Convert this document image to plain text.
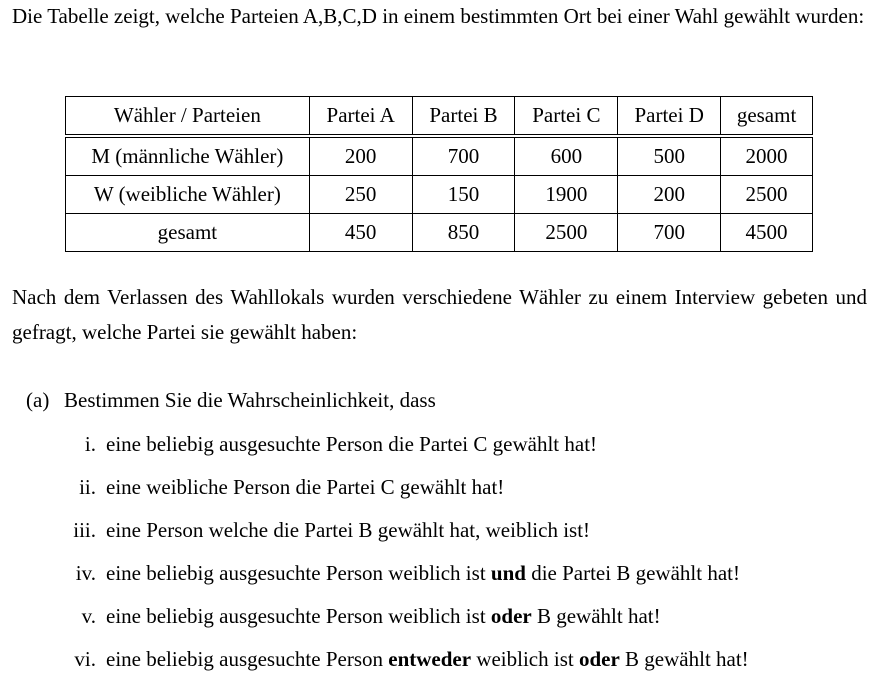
Die Tabelle zeigt, welche Parteien A,B,C,D in einem bestimmten Ort bei einer Wahl gewählt wurden:

Wähler / Parteien	Partei A	Partei B	Partei C	Partei D	gesamt
M (männliche Wähler)	200	700	600	500	2000
W (weibliche Wähler)	250	150	1900	200	2500
gesamt	450	850	2500	700	4500

Nach dem Verlassen des Wahllokals wurden verschiedene Wähler zu einem Interview gebeten und gefragt, welche Partei sie gewählt haben:

(a) Bestimmen Sie die Wahrscheinlichkeit, dass
i. eine beliebig ausgesuchte Person die Partei C gewählt hat!
ii. eine weibliche Person die Partei C gewählt hat!
iii. eine Person welche die Partei B gewählt hat, weiblich ist!
iv. eine beliebig ausgesuchte Person weiblich ist und die Partei B gewählt hat!
v. eine beliebig ausgesuchte Person weiblich ist oder B gewählt hat!
vi. eine beliebig ausgesuchte Person entweder weiblich ist oder B gewählt hat!
